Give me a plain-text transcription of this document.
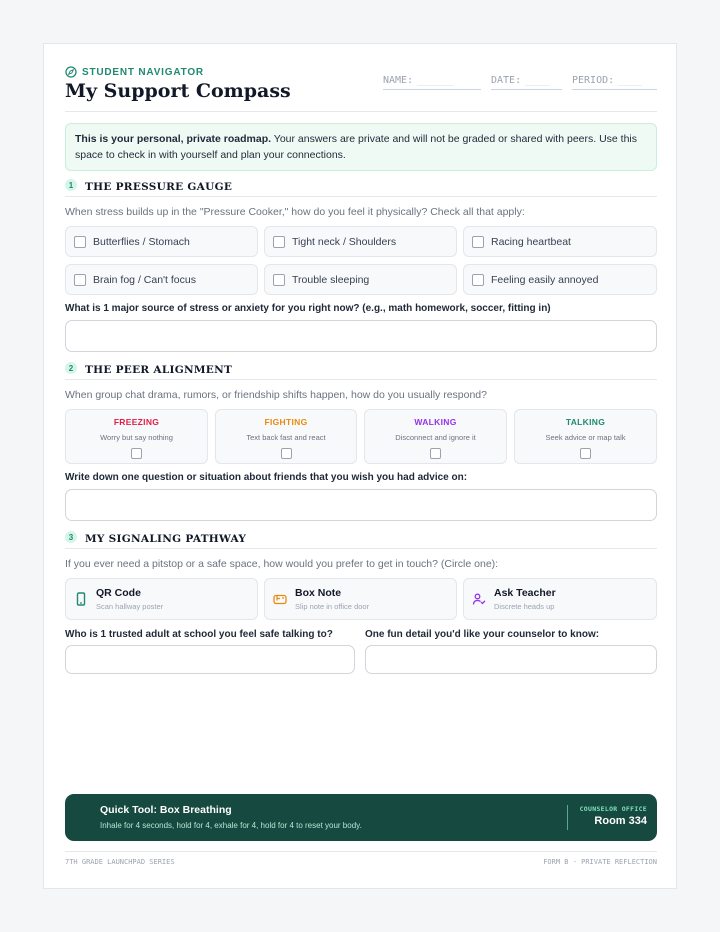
STUDENT NAVIGATOR
My Support Compass	NAME: ______	DATE: ____ PERIOD: ____
This is your personal, private roadmap. Your answers are private and will not be graded or shared with peers. Use this space to check in with yourself and plan your connections.
1	THE PRESSURE GAUGE
When stress builds up in the "Pressure Cooker," how do you feel it physically? Check all that apply:
Butterflies / Stomach	Tight neck / Shoulders	Racing heartbeat
Brain fog / Can't focus	Trouble sleeping	Feeling easily annoyed
What is 1 major source of stress or anxiety for you right now? (e.g., math homework, soccer, fitting in)
2	THE PEER ALIGNMENT
When group chat drama, rumors, or friendship shifts happen, how do you usually respond?
FREEZING
Worry but say nothing
FIGHTING
Text back fast and react
WALKING
Disconnect and ignore it
TALKING
Seek advice or map talk
Write down one question or situation about friends that you wish you had advice on:
3	MY SIGNALING PATHWAY
If you ever need a pitstop or a safe space, how would you prefer to get in touch? (Circle one):
QR Code
Scan hallway poster
Box Note
Slip note in office door
Ask Teacher
Discrete heads up
Who is 1 trusted adult at school you feel safe talking to?	One fun detail you'd like your counselor to know:
Quick Tool: Box Breathing
Inhale for 4 seconds, hold for 4, exhale for 4, hold for 4 to reset your body.
COUNSELOR OFFICE
Room 334
7TH GRADE LAUNCHPAD SERIES	FORM B - PRIVATE REFLECTION
